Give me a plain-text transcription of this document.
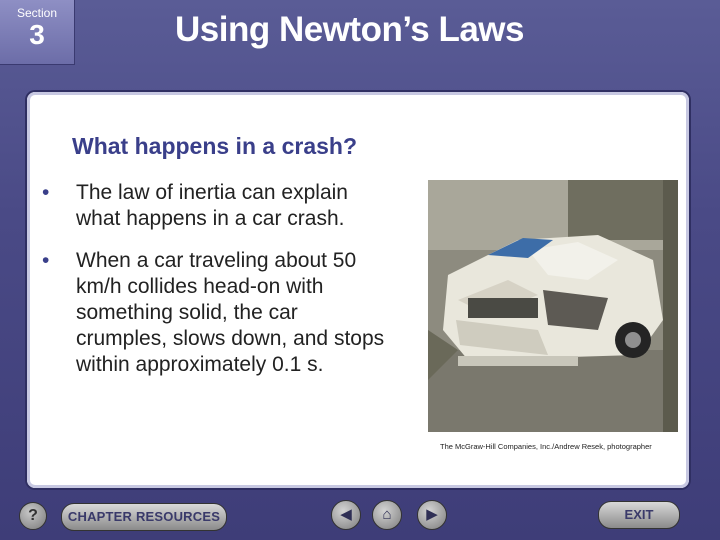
Section
3	Using Newton’s Laws
What happens in a crash?
• The law of inertia can explain what happens in a car crash.
• When a car traveling about 50 km/h collides head-on with something solid, the car crumples, slows down, and stops within approximately 0.1 s.
The McGraw-Hill Companies, Inc./Andrew Resek, photographer
?	CHAPTER RESOURCES	◀	⌂	▶	EXIT
